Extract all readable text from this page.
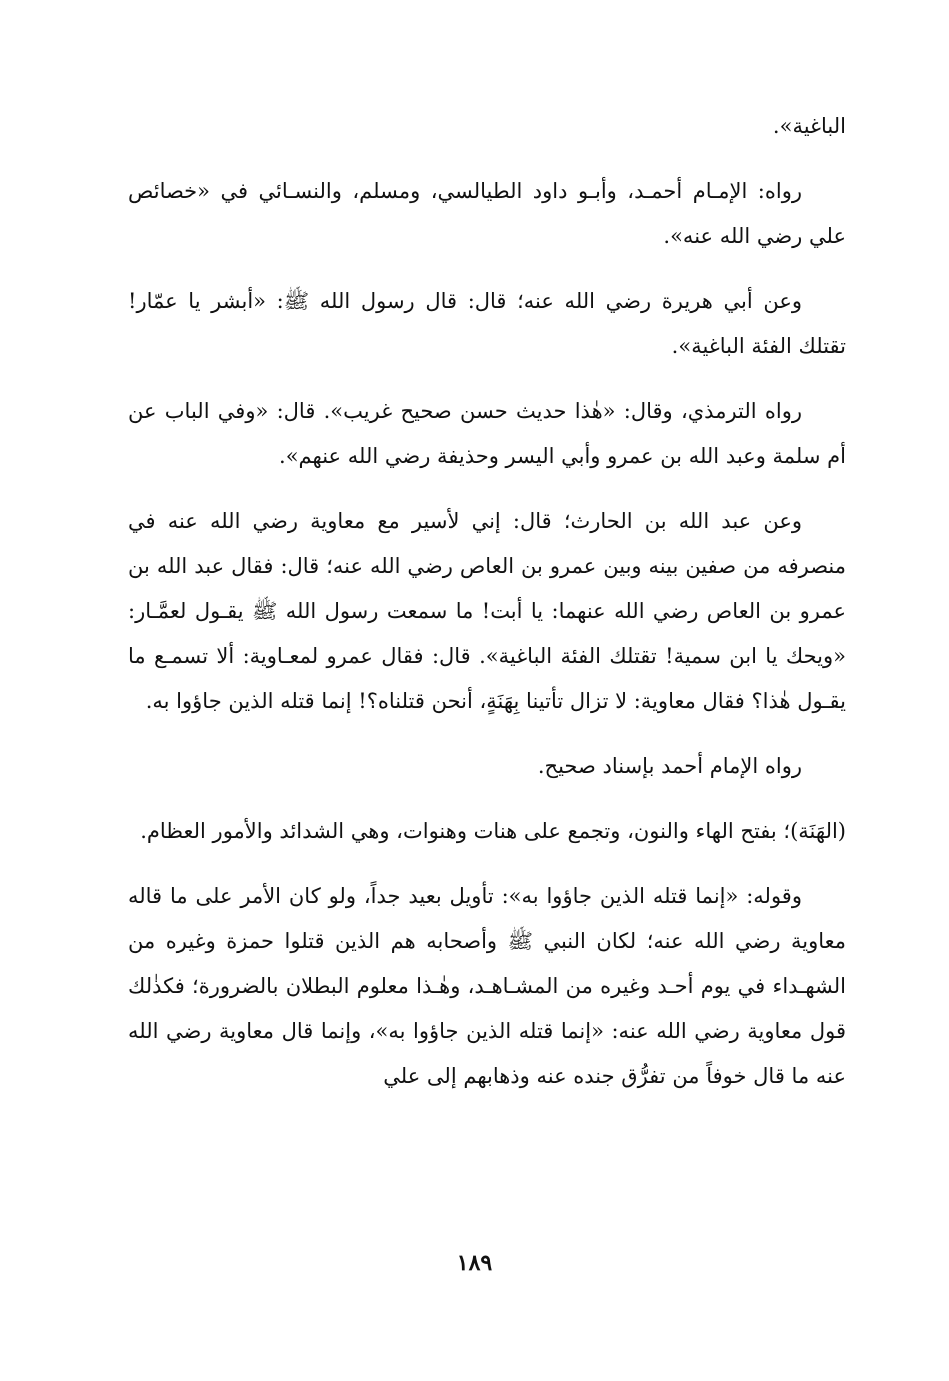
الباغية».

رواه: الإمـام أحمـد، وأبـو داود الطيالسي، ومسلم، والنسـائي في «خصائص علي رضي الله عنه».

وعن أبي هريرة رضي الله عنه؛ قال: قال رسول الله ﷺ: «أبشر يا عمّار! تقتلك الفئة الباغية».

رواه الترمذي، وقال: «هٰذا حديث حسن صحيح غريب». قال: «وفي الباب عن أم سلمة وعبد الله بن عمرو وأبي اليسر وحذيفة رضي الله عنهم».

وعن عبد الله بن الحارث؛ قال: إني لأسير مع معاوية رضي الله عنه في منصرفه من صفين بينه وبين عمرو بن العاص رضي الله عنه؛ قال: فقال عبد الله بن عمرو بن العاص رضي الله عنهما: يا أبت! ما سمعت رسول الله ﷺ يقـول لعمَّـار: «ويحك يا ابن سمية! تقتلك الفئة الباغية». قال: فقال عمرو لمعـاوية: ألا تسمـع ما يقـول هٰذا؟ فقال معاوية: لا تزال تأتينا بِهَنَةٍ، أنحن قتلناه؟! إنما قتله الذين جاؤوا به.

رواه الإمام أحمد بإسناد صحيح.

(الهَنَة)؛ بفتح الهاء والنون، وتجمع على هنات وهنوات، وهي الشدائد والأمور العظام.

وقوله: «إنما قتله الذين جاؤوا به»: تأويل بعيد جداً، ولو كان الأمر على ما قاله معاوية رضي الله عنه؛ لكان النبي ﷺ وأصحابه هم الذين قتلوا حمزة وغيره من الشهـداء في يوم أحـد وغيره من المشـاهـد، وهٰـذا معلوم البطلان بالضرورة؛ فكذٰلك قول معاوية رضي الله عنه: «إنما قتله الذين جاؤوا به»، وإنما قال معاوية رضي الله عنه ما قال خوفاً من تفرُّق جنده عنه وذهابهم إلى علي

١٨٩
